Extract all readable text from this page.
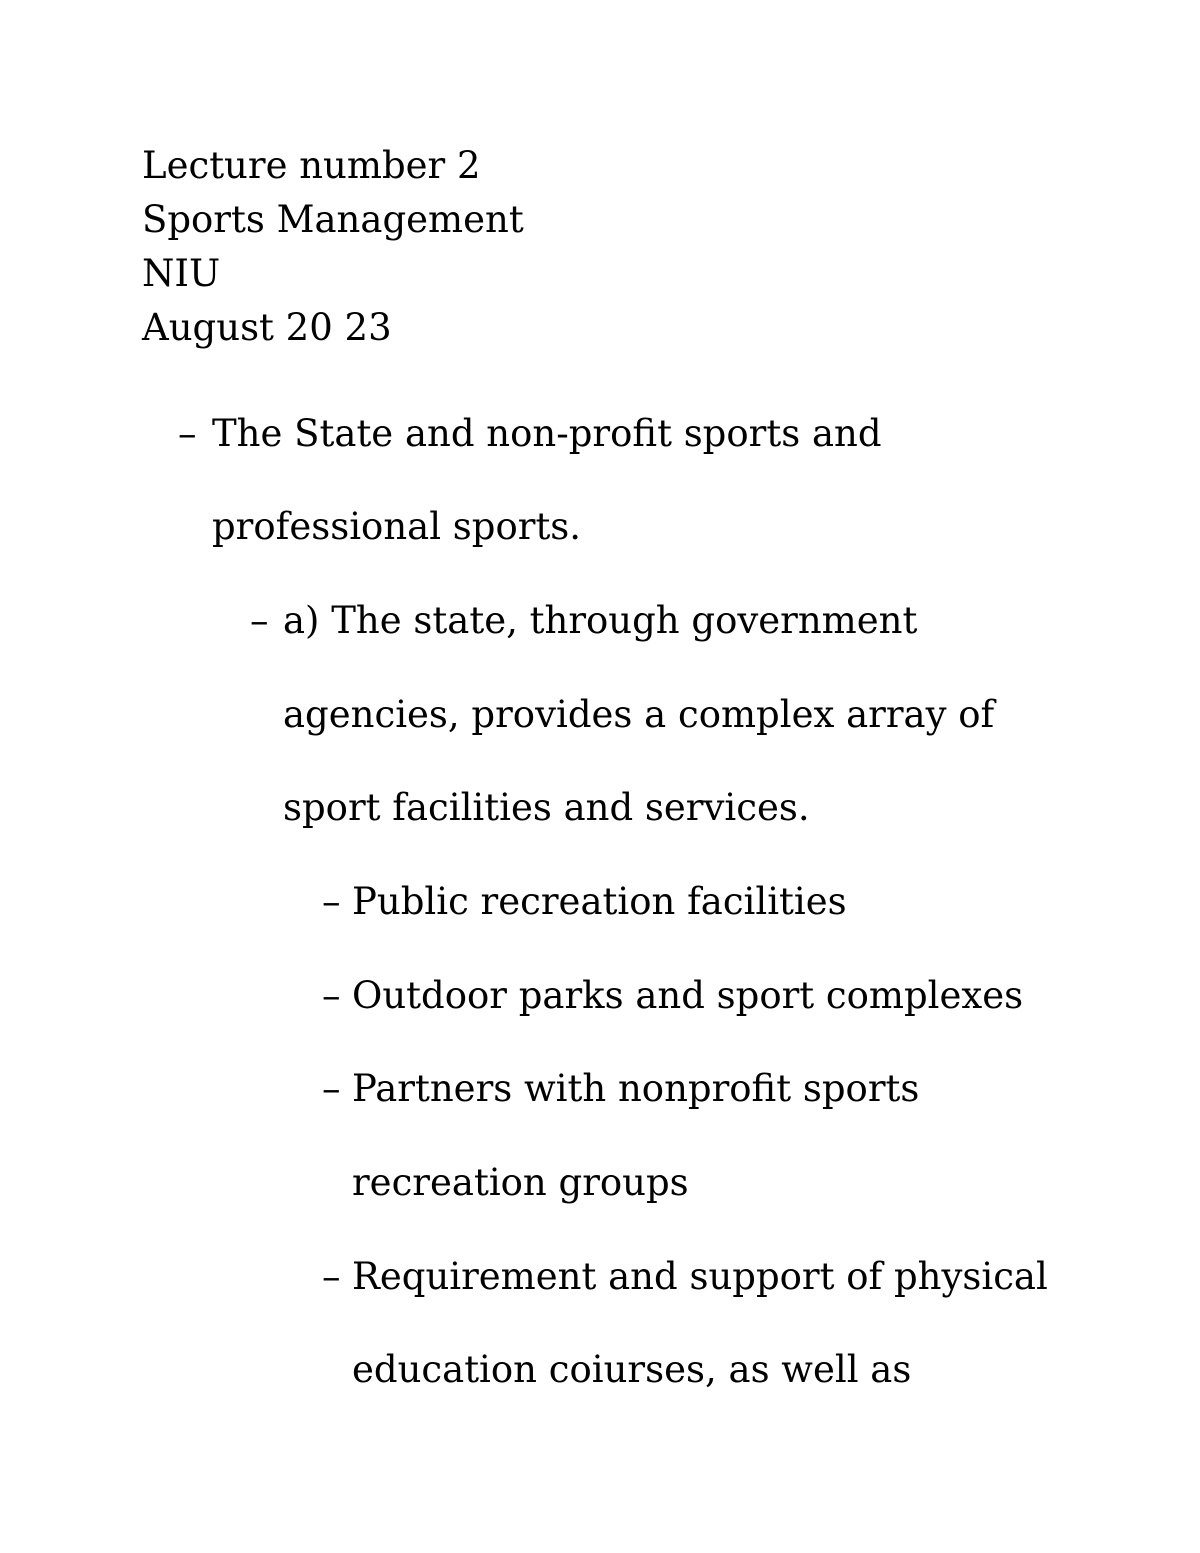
Lecture number 2
Sports Management
NIU
August 20 23
– The State and non-profit sports and
professional sports.
– a) The state, through government
agencies, provides a complex array of
sport facilities and services.
– Public recreation facilities
– Outdoor parks and sport complexes
– Partners with nonprofit sports
recreation groups
– Requirement and support of physical
education coiurses, as well as
